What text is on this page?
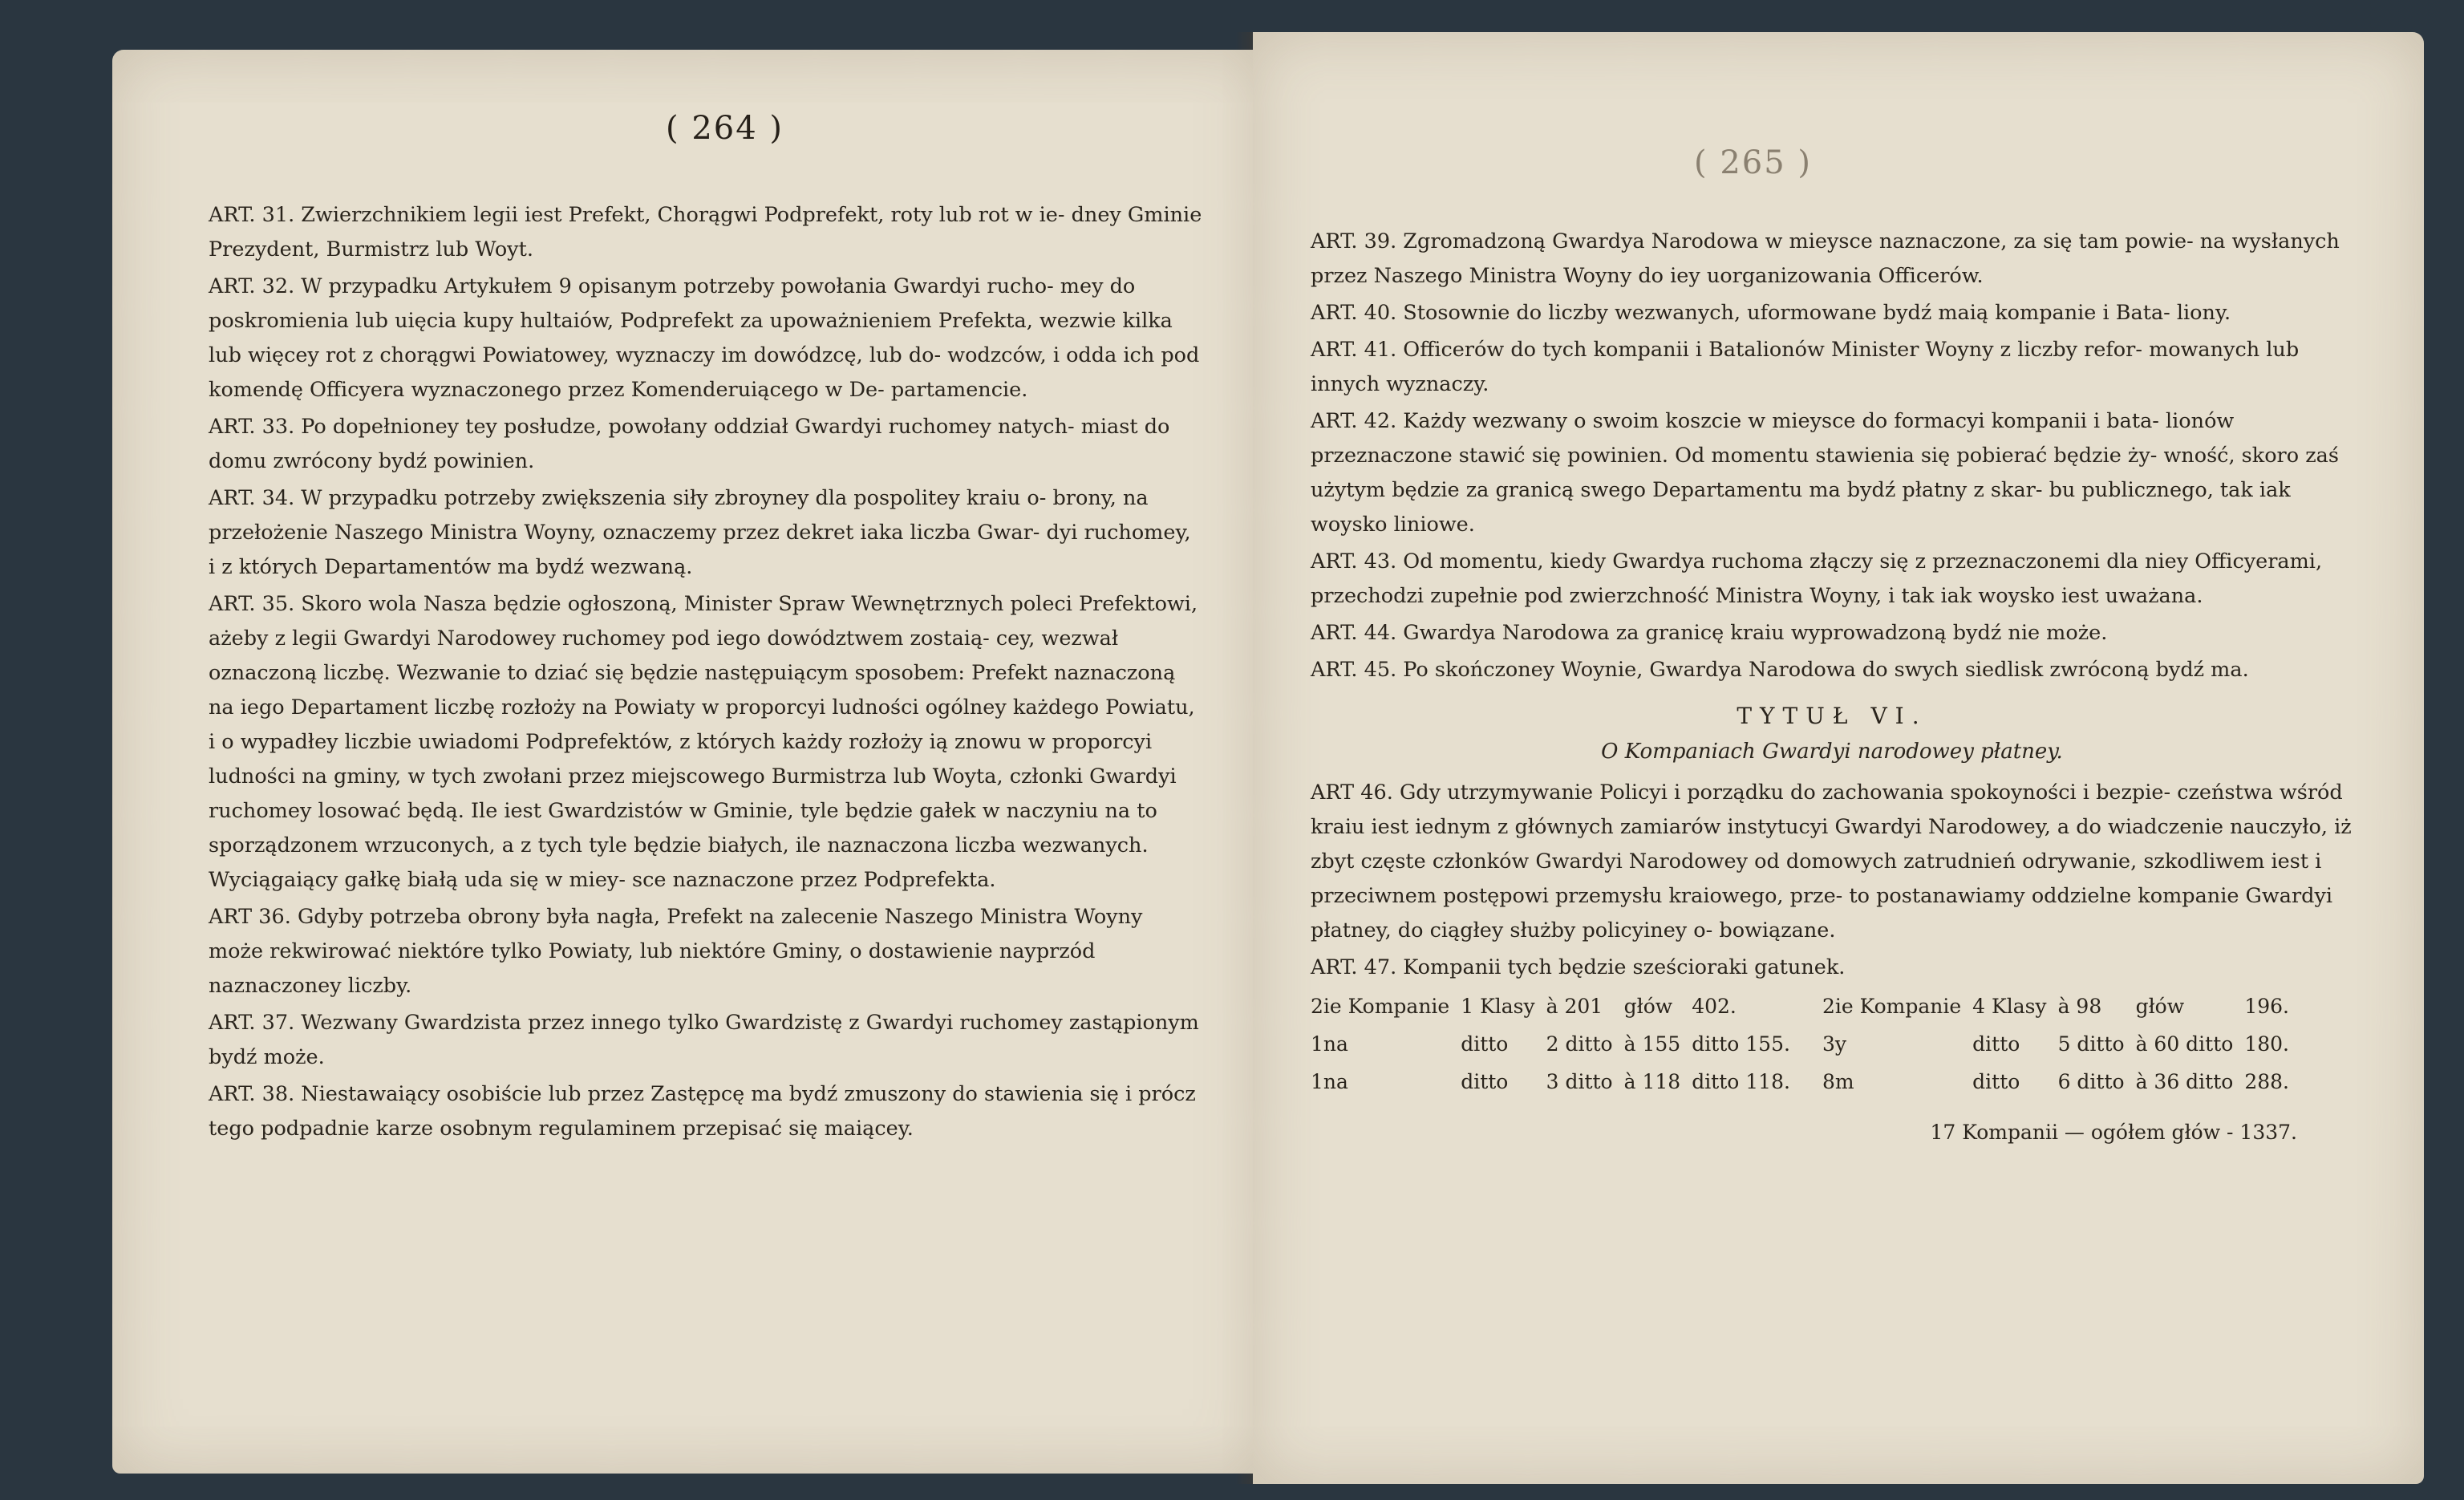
( 264 )

ART. 31. Zwierzchnikiem legii iest Prefekt, Chorągwi Podprefekt, roty lub rot w ie- dney Gminie Prezydent, Burmistrz lub Woyt.

ART. 32. W przypadku Artykułem 9 opisanym potrzeby powołania Gwardyi rucho- mey do poskromienia lub uięcia kupy hultaiów, Podprefekt za upoważnieniem Prefekta, wezwie kilka lub więcey rot z chorągwi Powiatowey, wyznaczy im dowódzcę, lub do- wodzców, i odda ich pod komendę Officyera wyznaczonego przez Komenderuiącego w De- partamencie.

ART. 33. Po dopełnioney tey posłudze, powołany oddział Gwardyi ruchomey natych- miast do domu zwrócony bydź powinien.

ART. 34. W przypadku potrzeby zwiększenia siły zbroyney dla pospolitey kraiu o- brony, na przełożenie Naszego Ministra Woyny, oznaczemy przez dekret iaka liczba Gwar- dyi ruchomey, i z których Departamentów ma bydź wezwaną.

ART. 35. Skoro wola Nasza będzie ogłoszoną, Minister Spraw Wewnętrznych poleci Prefektowi, ażeby z legii Gwardyi Narodowey ruchomey pod iego dowództwem zostaią- cey, wezwał oznaczoną liczbę. Wezwanie to dziać się będzie następuiącym sposobem: Prefekt naznaczoną na iego Departament liczbę rozłoży na Powiaty w proporcyi ludności ogólney każdego Powiatu, i o wypadłey liczbie uwiadomi Podprefektów, z których każdy rozłoży ią znowu w proporcyi ludności na gminy, w tych zwołani przez miejscowego Burmistrza lub Woyta, członki Gwardyi ruchomey losować będą. Ile iest Gwardzistów w Gminie, tyle będzie gałek w naczyniu na to sporządzonem wrzuconych, a z tych tyle będzie białych, ile naznaczona liczba wezwanych. Wyciągaiący gałkę białą uda się w miey- sce naznaczone przez Podprefekta.

ART 36. Gdyby potrzeba obrony była nagła, Prefekt na zalecenie Naszego Ministra Woyny może rekwirować niektóre tylko Powiaty, lub niektóre Gminy, o dostawienie nayprzód naznaczoney liczby.

ART. 37. Wezwany Gwardzista przez innego tylko Gwardzistę z Gwardyi ruchomey zastąpionym bydź może.

ART. 38. Niestawaiący osobiście lub przez Zastępcę ma bydź zmuszony do stawienia się i prócz tego podpadnie karze osobnym regulaminem przepisać się maiącey.

( 265 )

ART. 39. Zgromadzoną Gwardya Narodowa w mieysce naznaczone, za się tam powie- na wysłanych przez Naszego Ministra Woyny do iey uorganizowania Officerów.

ART. 40. Stosownie do liczby wezwanych, uformowane bydź maią kompanie i Bata- liony.

ART. 41. Officerów do tych kompanii i Batalionów Minister Woyny z liczby refor- mowanych lub innych wyznaczy.

ART. 42. Każdy wezwany o swoim koszcie w mieysce do formacyi kompanii i bata- lionów przeznaczone stawić się powinien. Od momentu stawienia się pobierać będzie ży- wność, skoro zaś użytym będzie za granicą swego Departamentu ma bydź płatny z skar- bu publicznego, tak iak woysko liniowe.

ART. 43. Od momentu, kiedy Gwardya ruchoma złączy się z przeznaczonemi dla niey Officyerami, przechodzi zupełnie pod zwierzchność Ministra Woyny, i tak iak woysko iest uważana.

ART. 44. Gwardya Narodowa za granicę kraiu wyprowadzoną bydź nie może.

ART. 45. Po skończoney Woynie, Gwardya Narodowa do swych siedlisk zwróconą bydź ma.

TYTUŁ VI.
O Kompaniach Gwardyi narodowey płatney.

ART 46. Gdy utrzymywanie Policyi i porządku do zachowania spokoyności i bezpie- czeństwa wśród kraiu iest iednym z głównych zamiarów instytucyi Gwardyi Narodowey, a do wiadczenie nauczyło, iż zbyt częste członków Gwardyi Narodowey od domowych zatrudnień odrywanie, szkodliwem iest i przeciwnem postępowi przemysłu kraiowego, prze- to postanawiamy oddzielne kompanie Gwardyi płatney, do ciągłey służby policyiney o- bowiązane.

ART. 47. Kompanii tych będzie sześcioraki gatunek.

2ie Kompanie	1 Klasy	à 201	głów	402.	2ie Kompanie	4 Klasy	à 98	głów	196.
1na	ditto	2 ditto	à 155	ditto 155.	3y	ditto	5 ditto	à 60 ditto	180.
1na	ditto	3 ditto	à 118	ditto 118.	8m	ditto	6 ditto	à 36 ditto	288.
17 Kompanii — ogółem głów - 1337.
